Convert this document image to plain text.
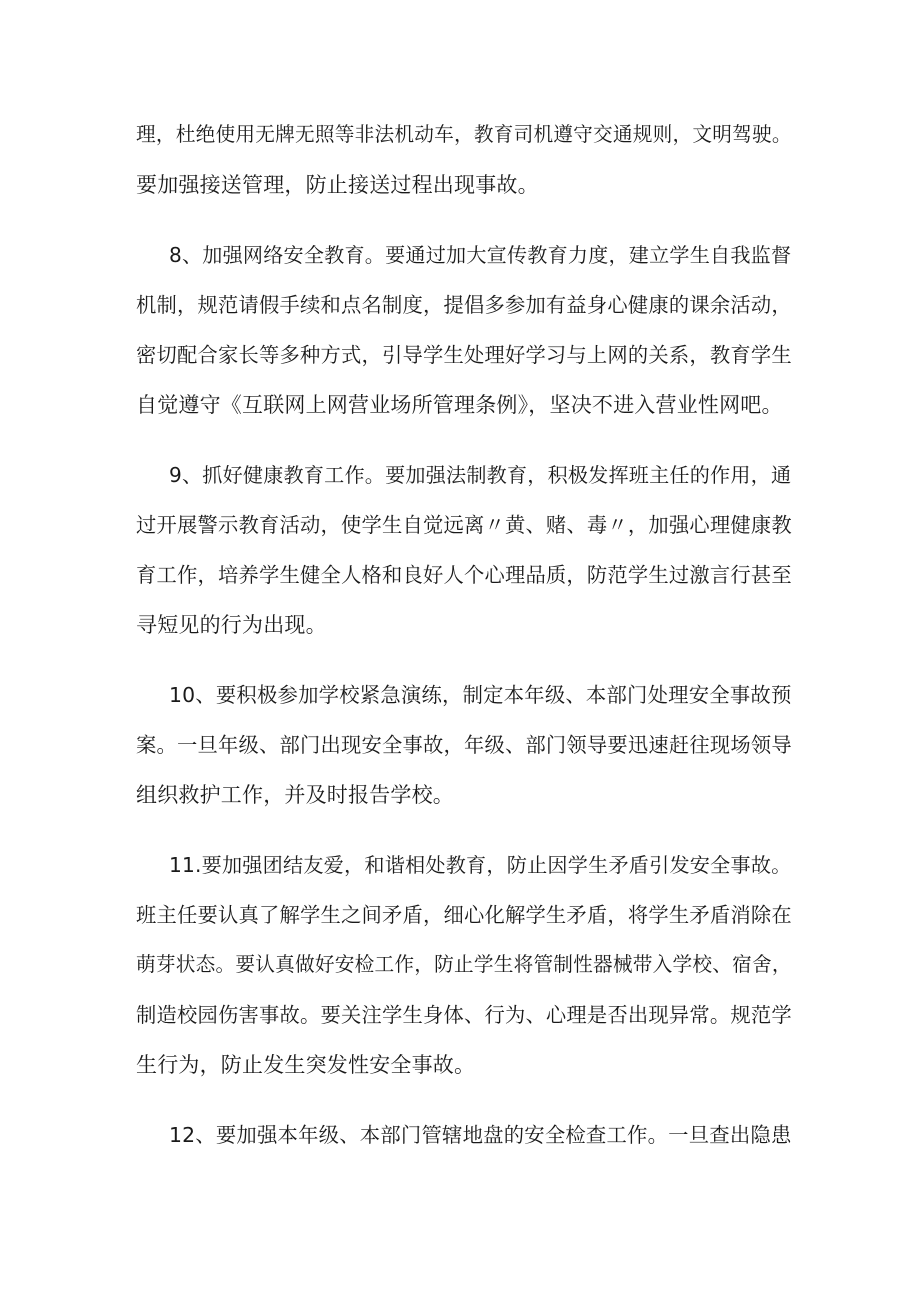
理，杜绝使用无牌无照等非法机动车，教育司机遵守交通规则，文明驾驶。
要加强接送管理，防止接送过程出现事故。
8、加强网络安全教育。要通过加大宣传教育力度，建立学生自我监督
机制，规范请假手续和点名制度，提倡多参加有益身心健康的课余活动，
密切配合家长等多种方式，引导学生处理好学习与上网的关系，教育学生
自觉遵守《互联网上网营业场所管理条例》，坚决不进入营业性网吧。
9、抓好健康教育工作。要加强法制教育，积极发挥班主任的作用，通
过开展警示教育活动，使学生自觉远离〃黄、赌、毒〃，加强心理健康教
育工作，培养学生健全人格和良好人个心理品质，防范学生过激言行甚至
寻短见的行为出现。
10、要积极参加学校紧急演练，制定本年级、本部门处理安全事故预
案。一旦年级、部门出现安全事故，年级、部门领导要迅速赶往现场领导
组织救护工作，并及时报告学校。
11.要加强团结友爱，和谐相处教育，防止因学生矛盾引发安全事故。
班主任要认真了解学生之间矛盾，细心化解学生矛盾，将学生矛盾消除在
萌芽状态。要认真做好安检工作，防止学生将管制性器械带入学校、宿舍，
制造校园伤害事故。要关注学生身体、行为、心理是否出现异常。规范学
生行为，防止发生突发性安全事故。
12、要加强本年级、本部门管辖地盘的安全检查工作。一旦查出隐患
